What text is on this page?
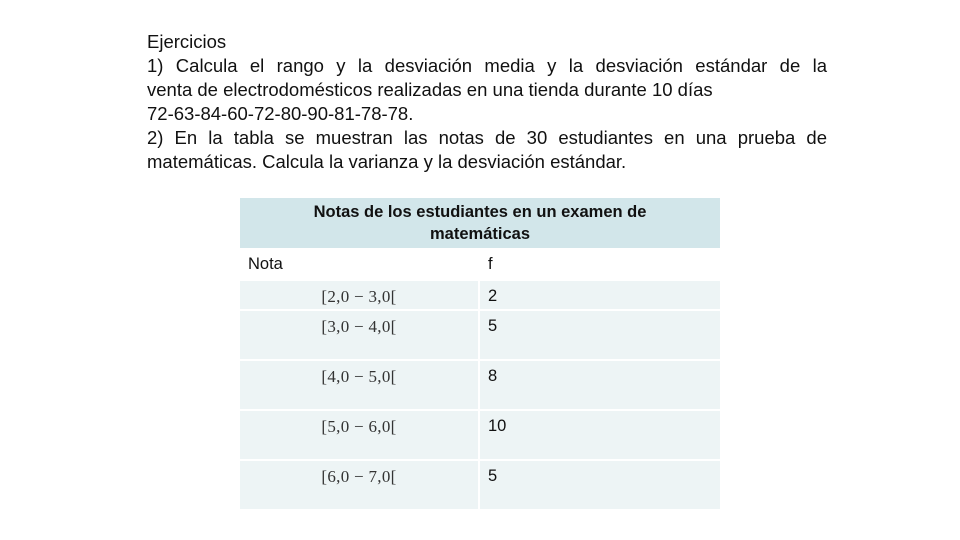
Ejercicios
1) Calcula el rango y la desviación media y la desviación estándar de la
venta de electrodomésticos realizadas en una tienda durante 10 días
72-63-84-60-72-80-90-81-78-78.
2) En la tabla se muestran las notas de 30 estudiantes en una prueba de
matemáticas. Calcula la varianza y la desviación estándar.
Notas de los estudiantes en un examen de
matemáticas	
Nota	f
[2,0 − 3,0[	2
[3,0 − 4,0[	5
[4,0 − 5,0[	8
[5,0 − 6,0[	10
[6,0 − 7,0[	5
